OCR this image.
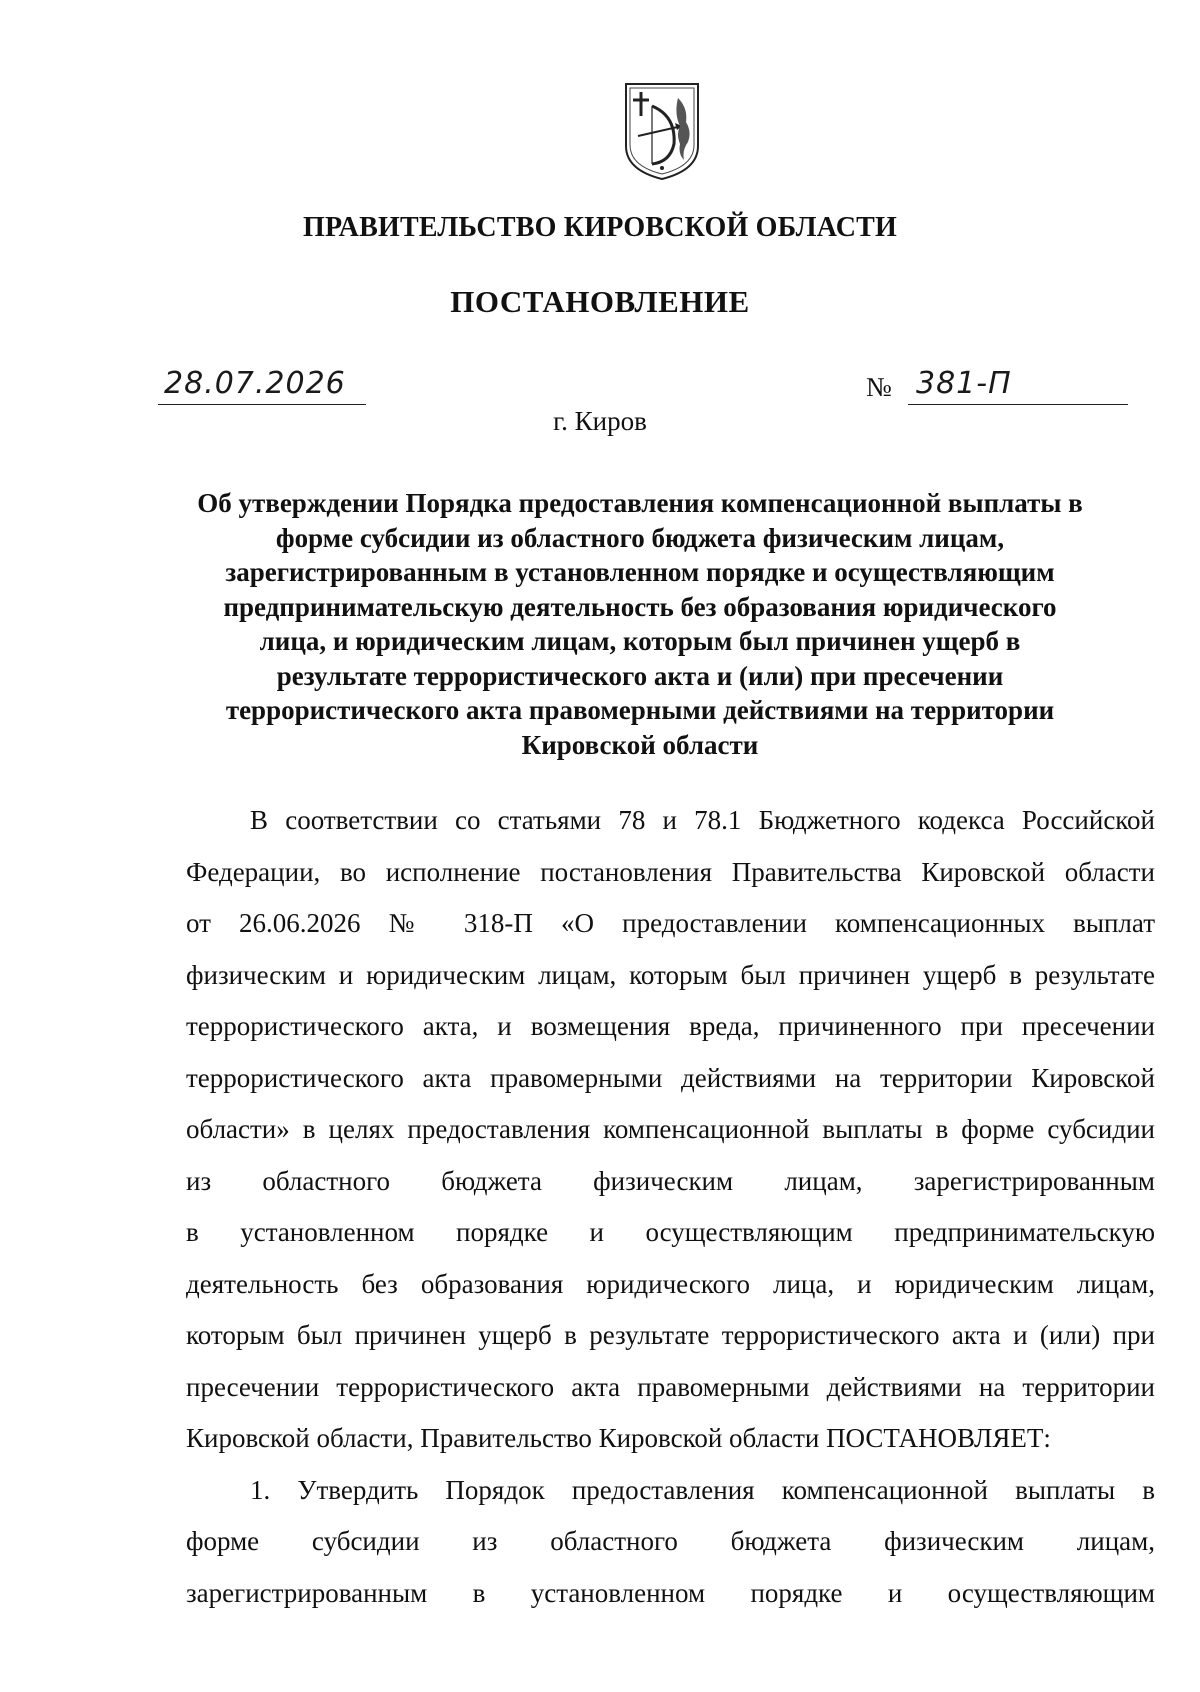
ПРАВИТЕЛЬСТВО КИРОВСКОЙ ОБЛАСТИ
ПОСТАНОВЛЕНИЕ
28.07.2026	№ 381-П
г. Киров
Об утверждении Порядка предоставления компенсационной выплаты в
форме субсидии из областного бюджета физическим лицам,
зарегистрированным в установленном порядке и осуществляющим
предпринимательскую деятельность без образования юридического
лица, и юридическим лицам, которым был причинен ущерб в
результате террористического акта и (или) при пресечении
террористического акта правомерными действиями на территории
Кировской области
В соответствии со статьями 78 и 78.1 Бюджетного кодекса Российской
Федерации, во исполнение постановления Правительства Кировской области
от 26.06.2026 № 318-П «О предоставлении компенсационных выплат
физическим и юридическим лицам, которым был причинен ущерб в результате
террористического акта, и возмещения вреда, причиненного при пресечении
террористического акта правомерными действиями на территории Кировской
области» в целях предоставления компенсационной выплаты в форме субсидии
из областного бюджета физическим лицам, зарегистрированным
в установленном порядке и осуществляющим предпринимательскую
деятельность без образования юридического лица, и юридическим лицам,
которым был причинен ущерб в результате террористического акта и (или) при
пресечении террористического акта правомерными действиями на территории
Кировской области, Правительство Кировской области ПОСТАНОВЛЯЕТ:
1. Утвердить Порядок предоставления компенсационной выплаты в
форме субсидии из областного бюджета физическим лицам,
зарегистрированным в установленном порядке и осуществляющим
